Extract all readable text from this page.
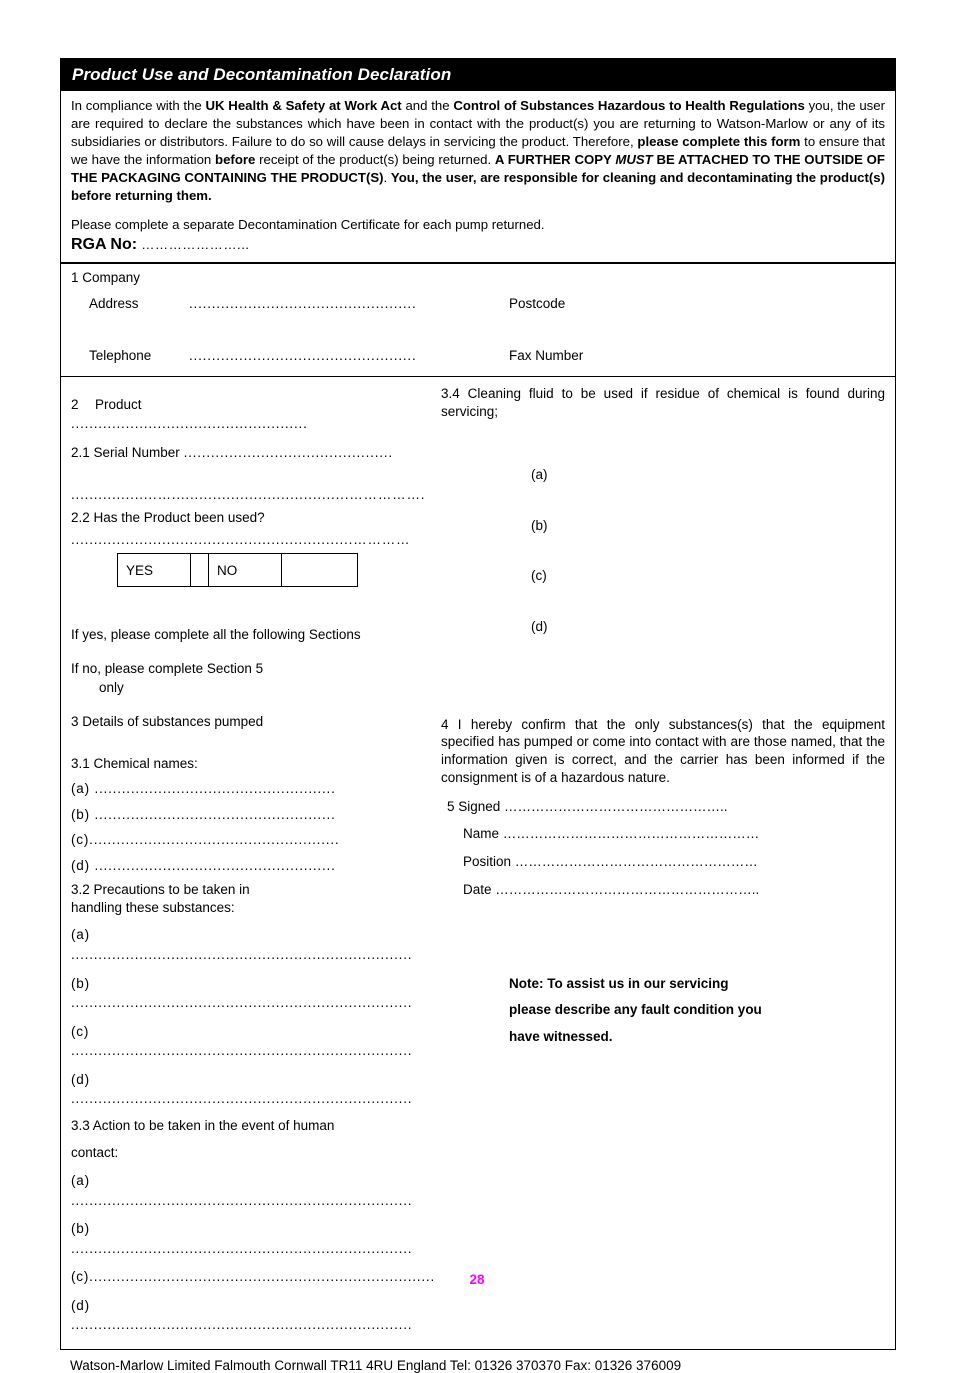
Product Use and Decontamination Declaration

In compliance with the UK Health & Safety at Work Act and the Control of Substances Hazardous to Health Regulations you, the user are required to declare the substances which have been in contact with the product(s) you are returning to Watson-Marlow or any of its subsidiaries or distributors. Failure to do so will cause delays in servicing the product. Therefore, please complete this form to ensure that we have the information before receipt of the product(s) being returned. A FURTHER COPY MUST BE ATTACHED TO THE OUTSIDE OF THE PACKAGING CONTAINING THE PRODUCT(S). You, the user, are responsible for cleaning and decontaminating the product(s) before returning them.

Please complete a separate Decontamination Certificate for each pump returned.

RGA No: …………………...
1 Company
Address	..................................................	Postcode
Telephone	..................................................	Fax Number
2 Product....................................................
2.1 Serial Number ..............................................
...................….......................................…………….
2.2 Has the Product been used?
..............................................................…………
YES		NO	
If yes, please complete all the following Sections
If no, please complete Section 5
only
3 Details of substances pumped
3.1 Chemical names:
(a) .....................................................
(b) .....................................................
(c).......................................................
(d) .....................................................
3.2 Precautions to be taken in
handling these substances:
(a) ...........................................................................
(b) ...........................................................................
(c) ...........................................................................
(d) ...........................................................................
3.3 Action to be taken in the event of human
contact:
(a) ...........................................................................
(b) ...........................................................................
(c)............................................................................
(d) ...........................................................................
3.4 Cleaning fluid to be used if residue of chemical is found during servicing;
(a)
(b)
(c)
(d)
4 I hereby confirm that the only substances(s) that the equipment specified has pumped or come into contact with are those named, that the information given is correct, and the carrier has been informed if the consignment is of a hazardous nature.
5 Signed …………………………………………..
Name …………………………………………………
Position ………………………………………………
Date …………………………………………………..
Note: To assist us in our servicing
please describe any fault condition you
have witnessed.
Watson-Marlow Limited Falmouth Cornwall TR11 4RU England Tel: 01326 370370 Fax: 01326 376009
28
